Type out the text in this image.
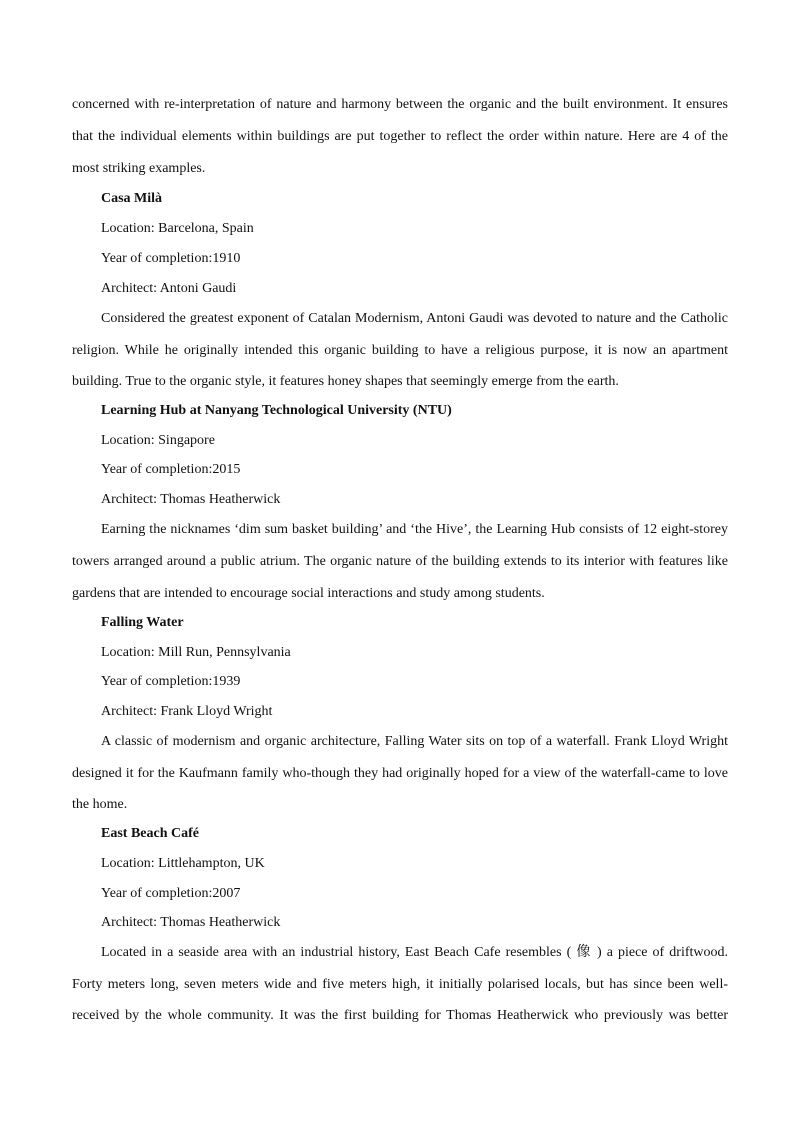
concerned with re-interpretation of nature and harmony between the organic and the built environment. It ensures
that the individual elements within buildings are put together to reflect the order within nature. Here are 4 of the
most striking examples.
Casa Milà
Location: Barcelona, Spain
Year of completion:1910
Architect: Antoni Gaudi
Considered the greatest exponent of Catalan Modernism, Antoni Gaudi was devoted to nature and the Catholic
religion. While he originally intended this organic building to have a religious purpose, it is now an apartment
building. True to the organic style, it features honey shapes that seemingly emerge from the earth.
Learning Hub at Nanyang Technological University (NTU)
Location: Singapore
Year of completion:2015
Architect: Thomas Heatherwick
Earning the nicknames ‘dim sum basket building’ and ‘the Hive’, the Learning Hub consists of 12 eight-storey
towers arranged around a public atrium. The organic nature of the building extends to its interior with features like
gardens that are intended to encourage social interactions and study among students.
Falling Water
Location: Mill Run, Pennsylvania
Year of completion:1939
Architect: Frank Lloyd Wright
A classic of modernism and organic architecture, Falling Water sits on top of a waterfall. Frank Lloyd Wright
designed it for the Kaufmann family who-though they had originally hoped for a view of the waterfall-came to love
the home.
East Beach Café
Location: Littlehampton, UK
Year of completion:2007
Architect: Thomas Heatherwick
Located in a seaside area with an industrial history, East Beach Cafe resembles ( 像 ) a piece of driftwood.
Forty meters long, seven meters wide and five meters high, it initially polarised locals, but has since been well-
received by the whole community. It was the first building for Thomas Heatherwick who previously was better
